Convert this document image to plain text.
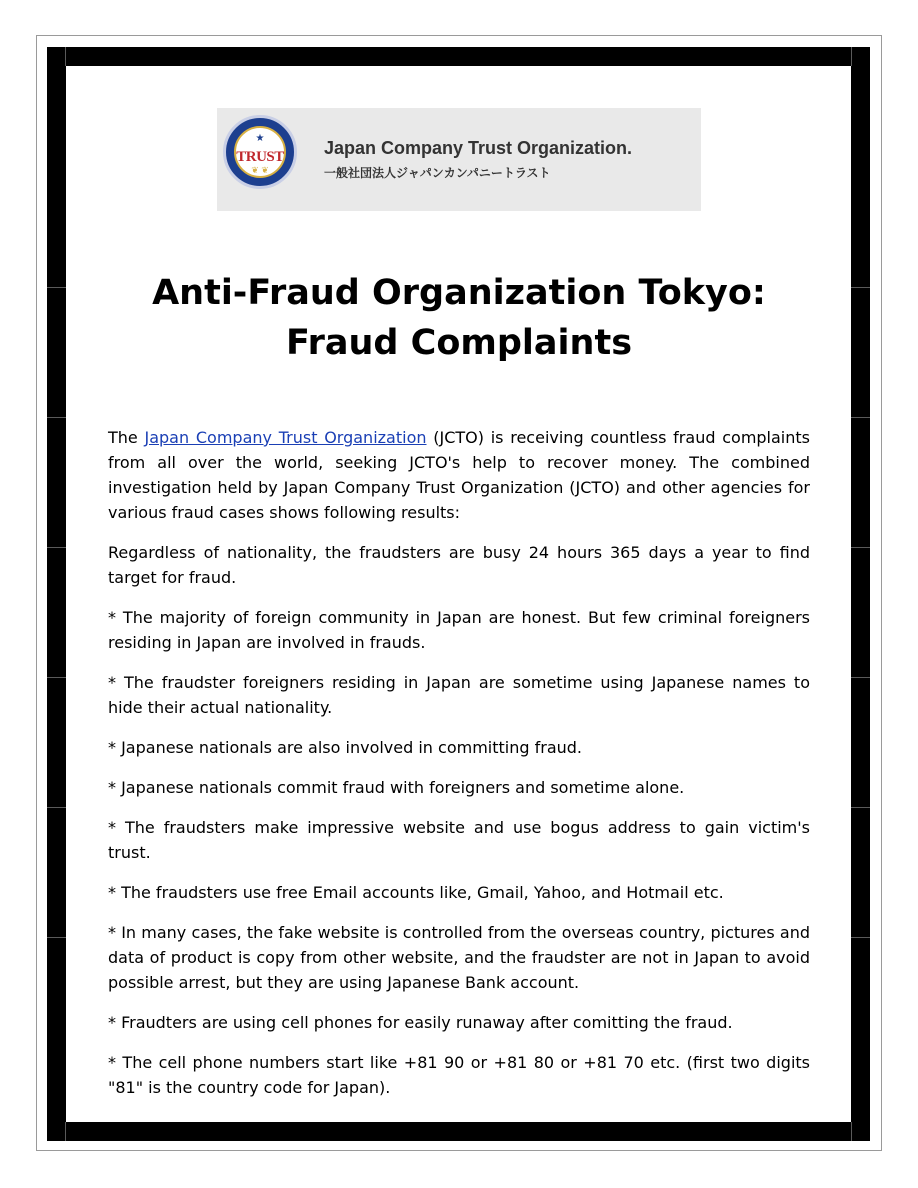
★
TRUST
❦ ❦
Japan Company Trust Organization.
一般社団法人ジャパンカンパニートラスト
Anti-Fraud Organization Tokyo: Fraud Complaints

The Japan Company Trust Organization (JCTO) is receiving countless fraud complaints from all over the world, seeking JCTO's help to recover money. The combined investigation held by Japan Company Trust Organization (JCTO) and other agencies for various fraud cases shows following results:

Regardless of nationality, the fraudsters are busy 24 hours 365 days a year to find target for fraud.

* The majority of foreign community in Japan are honest. But few criminal foreigners residing in Japan are involved in frauds.

* The fraudster foreigners residing in Japan are sometime using Japanese names to hide their actual nationality.

* Japanese nationals are also involved in committing fraud.

* Japanese nationals commit fraud with foreigners and sometime alone.

* The fraudsters make impressive website and use bogus address to gain victim's trust.

* The fraudsters use free Email accounts like, Gmail, Yahoo, and Hotmail etc.

* In many cases, the fake website is controlled from the overseas country, pictures and data of product is copy from other website, and the fraudster are not in Japan to avoid possible arrest, but they are using Japanese Bank account.

* Fraudters are using cell phones for easily runaway after comitting the fraud.

* The cell phone numbers start like +81 90 or +81 80 or +81 70 etc. (first two digits "81" is the country code for Japan).
